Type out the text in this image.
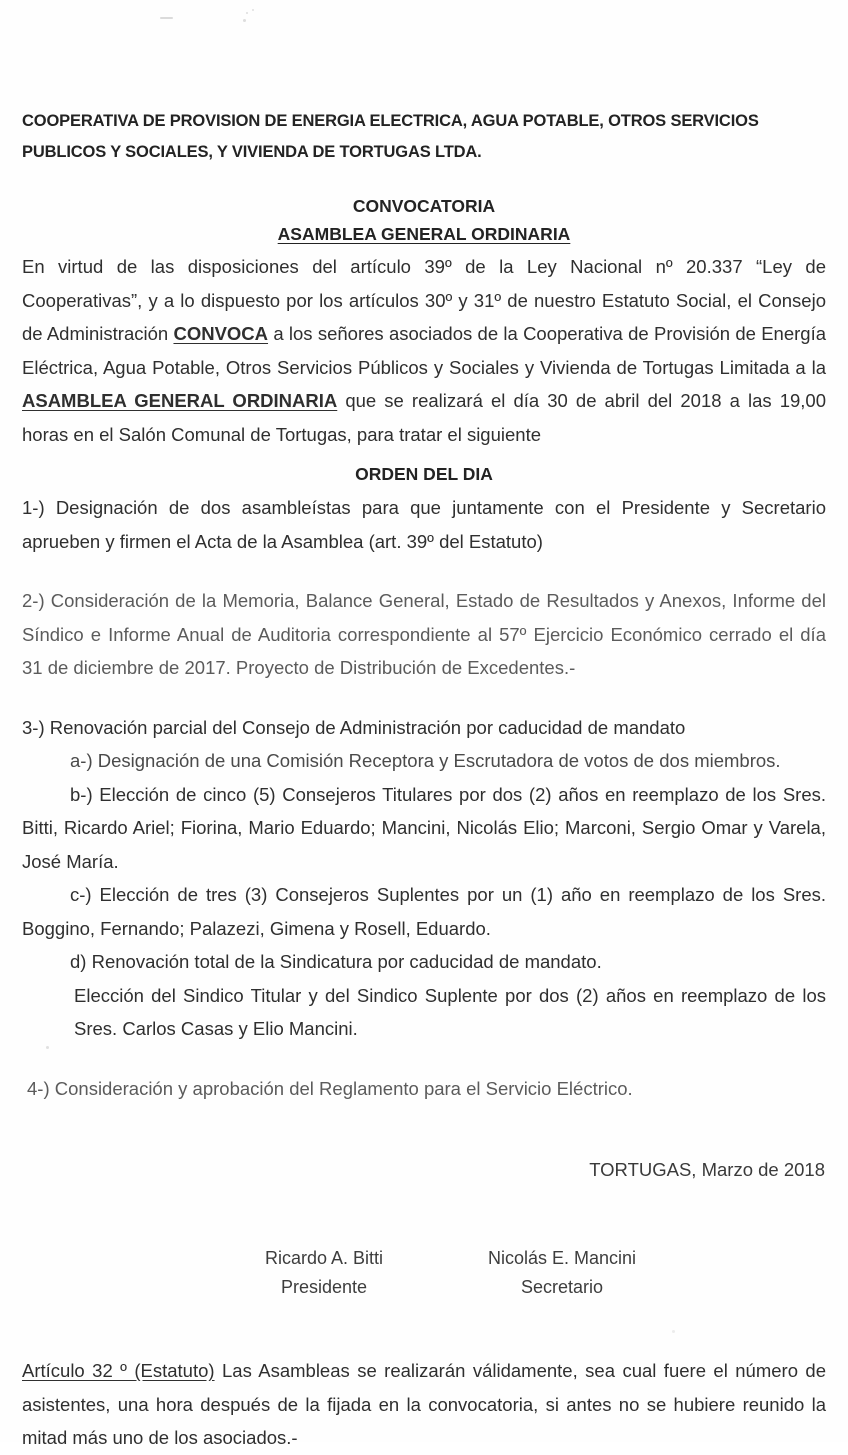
COOPERATIVA DE PROVISION DE ENERGIA ELECTRICA, AGUA POTABLE, OTROS SERVICIOS PUBLICOS Y SOCIALES, Y VIVIENDA DE TORTUGAS LTDA.

CONVOCATORIA

ASAMBLEA GENERAL ORDINARIA

En virtud de las disposiciones del artículo 39º de la Ley Nacional nº 20.337 “Ley de Cooperativas”, y a lo dispuesto por los artículos 30º y 31º de nuestro Estatuto Social, el Consejo de Administración CONVOCA a los señores asociados de la Cooperativa de Provisión de Energía Eléctrica, Agua Potable, Otros Servicios Públicos y Sociales y Vivienda de Tortugas Limitada a la ASAMBLEA GENERAL ORDINARIA que se realizará el día 30 de abril del 2018 a las 19,00 horas en el Salón Comunal de Tortugas, para tratar el siguiente

ORDEN DEL DIA

1-) Designación de dos asambleístas para que juntamente con el Presidente y Secretario aprueben y firmen el Acta de la Asamblea (art. 39º del Estatuto)

2-) Consideración de la Memoria, Balance General, Estado de Resultados y Anexos, Informe del Síndico e Informe Anual de Auditoria correspondiente al 57º Ejercicio Económico cerrado el día 31 de diciembre de 2017. Proyecto de Distribución de Excedentes.-

3-) Renovación parcial del Consejo de Administración por caducidad de mandato

a-) Designación de una Comisión Receptora y Escrutadora de votos de dos miembros.

b-) Elección de cinco (5) Consejeros Titulares por dos (2) años en reemplazo de los Sres. Bitti, Ricardo Ariel; Fiorina, Mario Eduardo; Mancini, Nicolás Elio; Marconi, Sergio Omar y Varela, José María.

c-) Elección de tres (3) Consejeros Suplentes por un (1) año en reemplazo de los Sres. Boggino, Fernando; Palazezi, Gimena y Rosell, Eduardo.

d) Renovación total de la Sindicatura por caducidad de mandato.

Elección del Sindico Titular y del Sindico Suplente por dos (2) años en reemplazo de los Sres. Carlos Casas y Elio Mancini.

4-) Consideración y aprobación del Reglamento para el Servicio Eléctrico.

TORTUGAS, Marzo de 2018

Ricardo A. Bitti
Presidente
Nicolás E. Mancini
Secretario

Artículo 32 º (Estatuto) Las Asambleas se realizarán válidamente, sea cual fuere el número de asistentes, una hora después de la fijada en la convocatoria, si antes no se hubiere reunido la mitad más uno de los asociados.-
